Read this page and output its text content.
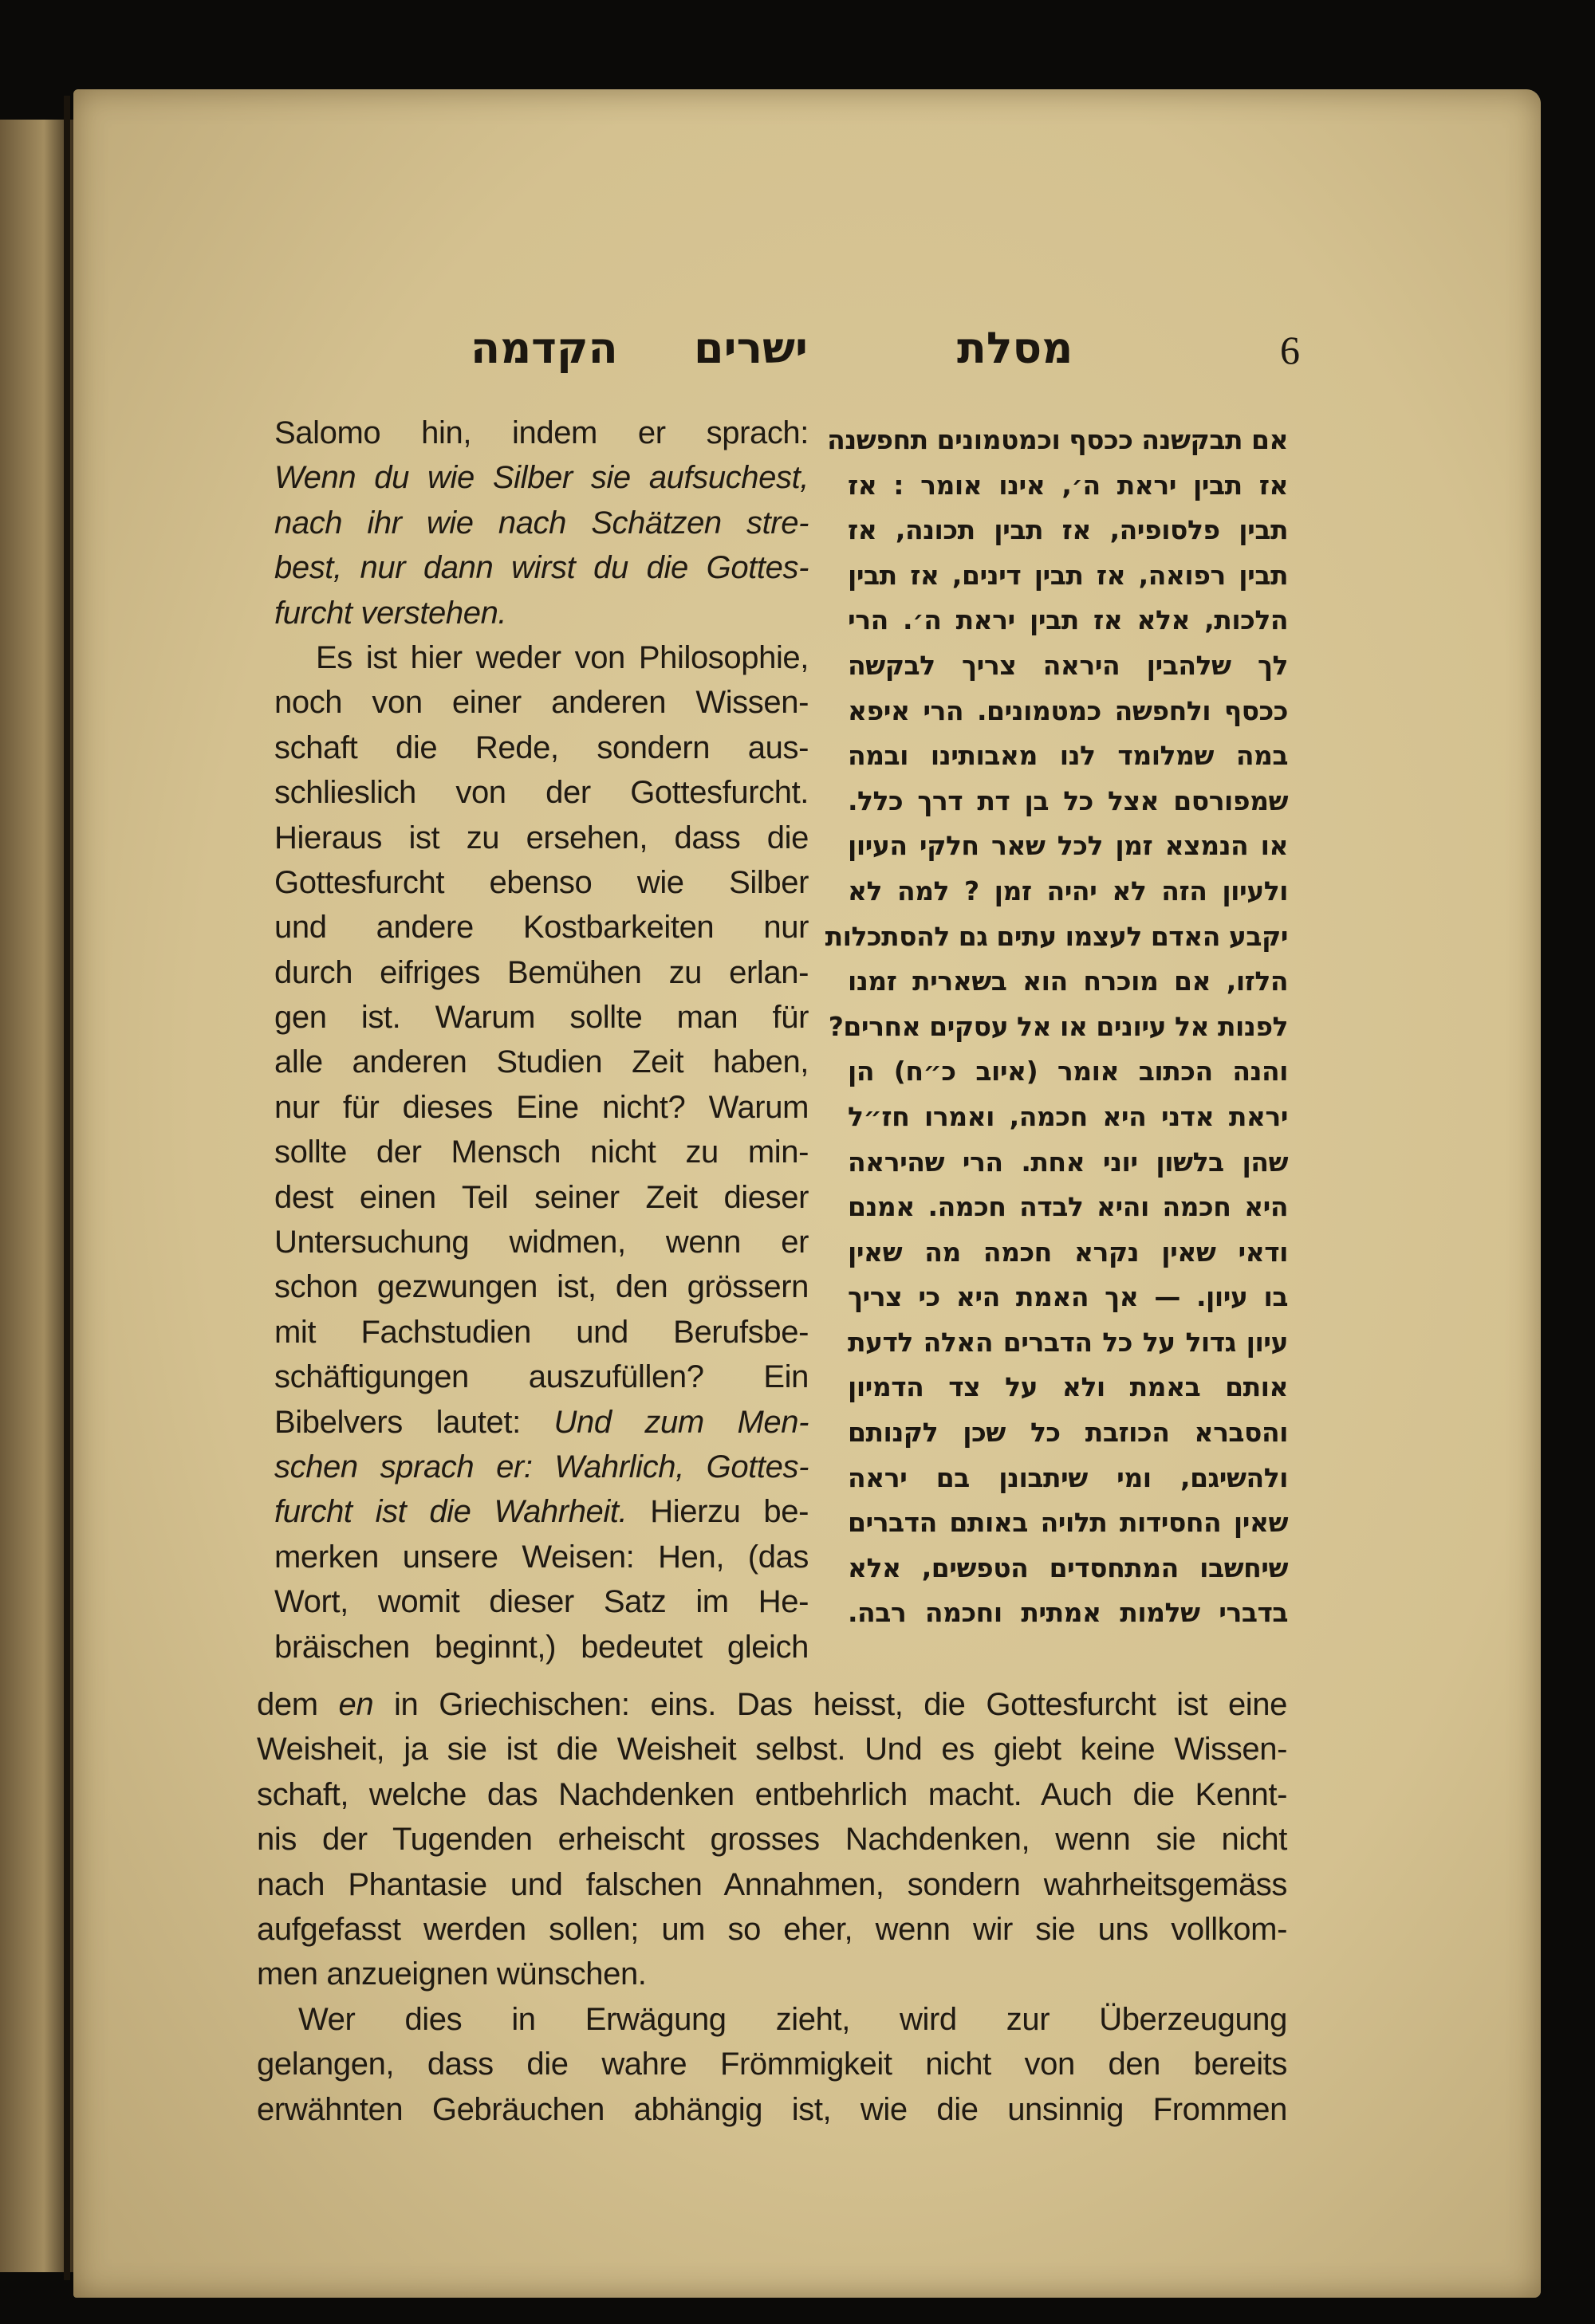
מסלת
ישרים
הקדמה	6
Salomo hin, indem er sprach:
Wenn du wie Silber sie aufsuchest,
nach ihr wie nach Schätzen stre-
best, nur dann wirst du die Gottes-
furcht verstehen.
Es ist hier weder von Philosophie,
noch von einer anderen Wissen-
schaft die Rede, sondern aus-
schlieslich von der Gottesfurcht.
Hieraus ist zu ersehen, dass die
Gottesfurcht ebenso wie Silber
und andere Kostbarkeiten nur
durch eifriges Bemühen zu erlan-
gen ist. Warum sollte man für
alle anderen Studien Zeit haben,
nur für dieses Eine nicht? Warum
sollte der Mensch nicht zu min-
dest einen Teil seiner Zeit dieser
Untersuchung widmen, wenn er
schon gezwungen ist, den grössern
mit Fachstudien und Berufsbe-
schäftigungen auszufüllen? Ein
Bibelvers lautet: Und zum Men-
schen sprach er: Wahrlich, Gottes-
furcht ist die Wahrheit. Hierzu be-
merken unsere Weisen: Hen, (das
Wort, womit dieser Satz im He-
bräischen beginnt,) bedeutet gleich
אם תבקשנה ככסף וכמטמונים תחפשנה
אז תבין יראת ה׳, אינו אומר : אז
תבין פלסופיה, אז תבין תכונה, אז
תבין רפואה, אז תבין דינים, אז תבין
הלכות, אלא אז תבין יראת ה׳. הרי
לך שלהבין היראה צריך לבקשה
ככסף ולחפשה כמטמונים. הרי איפא
במה שמלומד לנו מאבותינו ובמה
שמפורסם אצל כל בן דת דרך כלל.
או הנמצא זמן לכל שאר חלקי העיון
ולעיון הזה לא יהיה זמן ? למה לא
יקבע האדם לעצמו עתים גם להסתכלות
הלזו, אם מוכרח הוא בשארית זמנו
לפנות אל עיונים או אל עסקים אחרים?
והנה הכתוב אומר (איוב כ״ח) הן
יראת אדני היא חכמה, ואמרו חז״ל
שהן בלשון יוני אחת. הרי שהיראה
היא חכמה והיא לבדה חכמה. אמנם
ודאי שאין נקרא חכמה מה שאין
בו עיון. — אך האמת היא כי צריך
עיון גדול על כל הדברים האלה לדעת
אותם באמת ולא על צד הדמיון
והסברא הכוזבת כל שכן לקנותם
ולהשיגם, ומי שיתבונן בם יראה
שאין החסידות תלויה באותם הדברים
שיחשבו המתחסדים הטפשים, אלא
בדברי שלמות אמתית וחכמה רבה.
dem en in Griechischen: eins. Das heisst, die Gottesfurcht ist eine
Weisheit, ja sie ist die Weisheit selbst. Und es giebt keine Wissen-
schaft, welche das Nachdenken entbehrlich macht. Auch die Kennt-
nis der Tugenden erheischt grosses Nachdenken, wenn sie nicht
nach Phantasie und falschen Annahmen, sondern wahrheitsgemäss
aufgefasst werden sollen; um so eher, wenn wir sie uns vollkom-
men anzueignen wünschen.
Wer dies in Erwägung zieht, wird zur Überzeugung
gelangen, dass die wahre Frömmigkeit nicht von den bereits
erwähnten Gebräuchen abhängig ist, wie die unsinnig Frommen
